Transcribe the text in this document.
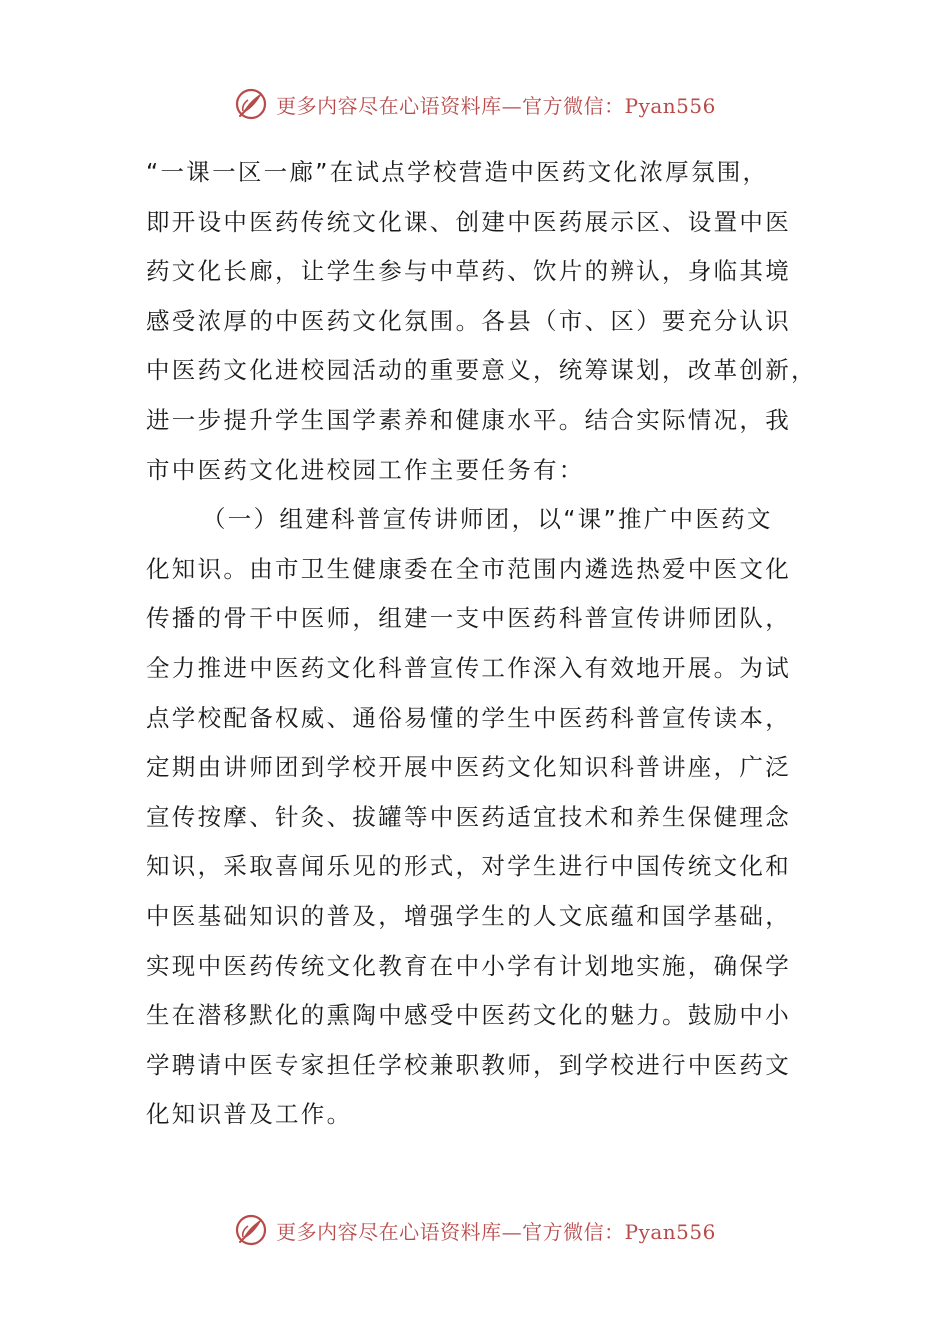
更多内容尽在心语资料库—官方微信：Pyan556
“一课一区一廊”在试点学校营造中医药文化浓厚氛围，
即开设中医药传统文化课、创建中医药展示区、设置中医
药文化长廊，让学生参与中草药、饮片的辨认，身临其境
感受浓厚的中医药文化氛围。各县（市、区）要充分认识
中医药文化进校园活动的重要意义，统筹谋划，改革创新，
进一步提升学生国学素养和健康水平。结合实际情况，我
市中医药文化进校园工作主要任务有：
（一）组建科普宣传讲师团，以“课”推广中医药文
化知识。由市卫生健康委在全市范围内遴选热爱中医文化
传播的骨干中医师，组建一支中医药科普宣传讲师团队，
全力推进中医药文化科普宣传工作深入有效地开展。为试
点学校配备权威、通俗易懂的学生中医药科普宣传读本，
定期由讲师团到学校开展中医药文化知识科普讲座，广泛
宣传按摩、针灸、拔罐等中医药适宜技术和养生保健理念
知识，采取喜闻乐见的形式，对学生进行中国传统文化和
中医基础知识的普及，增强学生的人文底蕴和国学基础，
实现中医药传统文化教育在中小学有计划地实施，确保学
生在潜移默化的熏陶中感受中医药文化的魅力。鼓励中小
学聘请中医专家担任学校兼职教师，到学校进行中医药文
化知识普及工作。
更多内容尽在心语资料库—官方微信：Pyan556
